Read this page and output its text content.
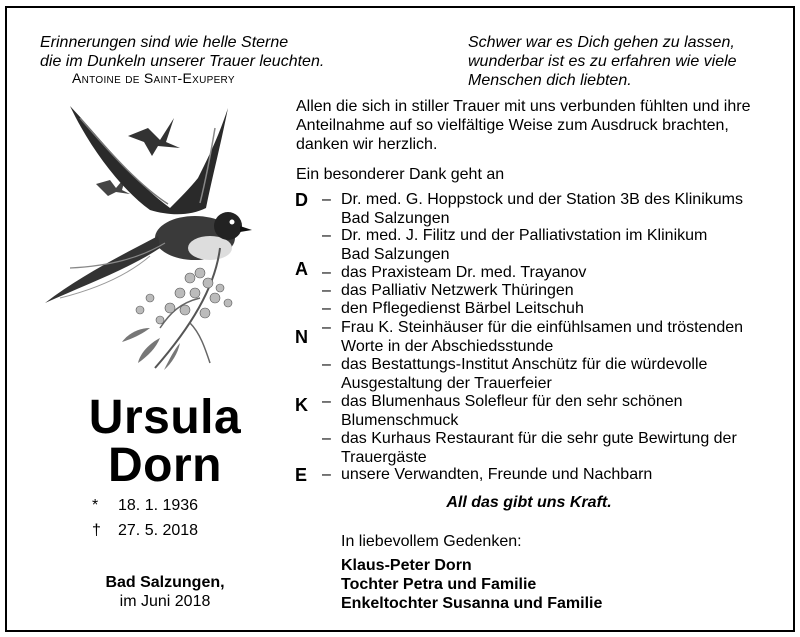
Erinnerungen sind wie helle Sterne
die im Dunkeln unserer Trauer leuchten.
Antoine de Saint-Exupery
Schwer war es Dich gehen zu lassen,
wunderbar ist es zu erfahren wie viele
Menschen dich liebten.
Ursula
Dorn
* 18. 1. 1936
† 27. 5. 2018
Bad Salzungen,
im Juni 2018
Allen die sich in stiller Trauer mit uns verbunden fühlten und ihre
Anteilnahme auf so vielfältige Weise zum Ausdruck brachten,
danken wir herzlich.
Ein besonderer Dank geht an
D
A
N
K
E
– Dr. med. G. Hoppstock und der Station 3B des Klinikums
Bad Salzungen
– Dr. med. J. Filitz und der Palliativstation im Klinikum
Bad Salzungen
– das Praxisteam Dr. med. Trayanov
– das Palliativ Netzwerk Thüringen
– den Pflegedienst Bärbel Leitschuh
– Frau K. Steinhäuser für die einfühlsamen und tröstenden
Worte in der Abschiedsstunde
– das Bestattungs-Institut Anschütz für die würdevolle
Ausgestaltung der Trauerfeier
– das Blumenhaus Solefleur für den sehr schönen
Blumenschmuck
– das Kurhaus Restaurant für die sehr gute Bewirtung der
Trauergäste
– unsere Verwandten, Freunde und Nachbarn
All das gibt uns Kraft.
In liebevollem Gedenken:
Klaus-Peter Dorn
Tochter Petra und Familie
Enkeltochter Susanna und Familie
